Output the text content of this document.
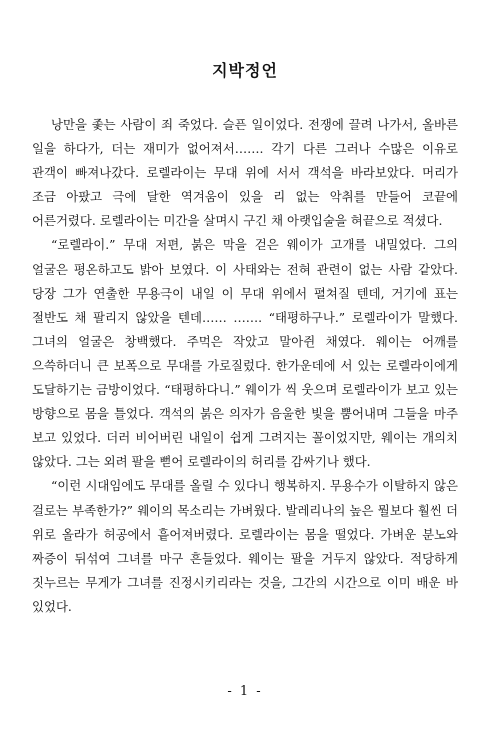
지박정언

낭만을 좇는 사람이 죄 죽었다. 슬픈 일이었다. 전쟁에 끌려 나가서, 올바른 일을 하다가, 더는 재미가 없어져서……. 각기 다른 그러나 수많은 이유로 관객이 빠져나갔다. 로렐라이는 무대 위에 서서 객석을 바라보았다. 머리가 조금 아팠고 극에 달한 역겨움이 있을 리 없는 악취를 만들어 코끝에 어른거렸다. 로렐라이는 미간을 살며시 구긴 채 아랫입술을 혀끝으로 적셨다.

“로렐라이.” 무대 저편, 붉은 막을 걷은 웨이가 고개를 내밀었다. 그의 얼굴은 평온하고도 밝아 보였다. 이 사태와는 전혀 관련이 없는 사람 같았다. 당장 그가 연출한 무용극이 내일 이 무대 위에서 펼쳐질 텐데, 거기에 표는 절반도 채 팔리지 않았을 텐데…… ……. “태평하구나.” 로렐라이가 말했다. 그녀의 얼굴은 창백했다. 주먹은 작았고 말아쥔 채였다. 웨이는 어깨를 으쓱하더니 큰 보폭으로 무대를 가로질렀다. 한가운데에 서 있는 로렐라이에게 도달하기는 금방이었다. “태평하다니.” 웨이가 씩 웃으며 로렐라이가 보고 있는 방향으로 몸을 틀었다. 객석의 붉은 의자가 음울한 빛을 뿜어내며 그들을 마주 보고 있었다. 더러 비어버린 내일이 쉽게 그려지는 꼴이었지만, 웨이는 개의치 않았다. 그는 외려 팔을 뻗어 로렐라이의 허리를 감싸기나 했다.

“이런 시대임에도 무대를 올릴 수 있다니 행복하지. 무용수가 이탈하지 않은 걸로는 부족한가?” 웨이의 목소리는 가벼웠다. 발레리나의 높은 뭘보다 훨씬 더 위로 올라가 허공에서 흩어져버렸다. 로렐라이는 몸을 떨었다. 가벼운 분노와 짜증이 뒤섞여 그녀를 마구 흔들었다. 웨이는 팔을 거두지 않았다. 적당하게 짓누르는 무게가 그녀를 진정시키리라는 것을, 그간의 시간으로 이미 배운 바 있었다.

- 1 -
